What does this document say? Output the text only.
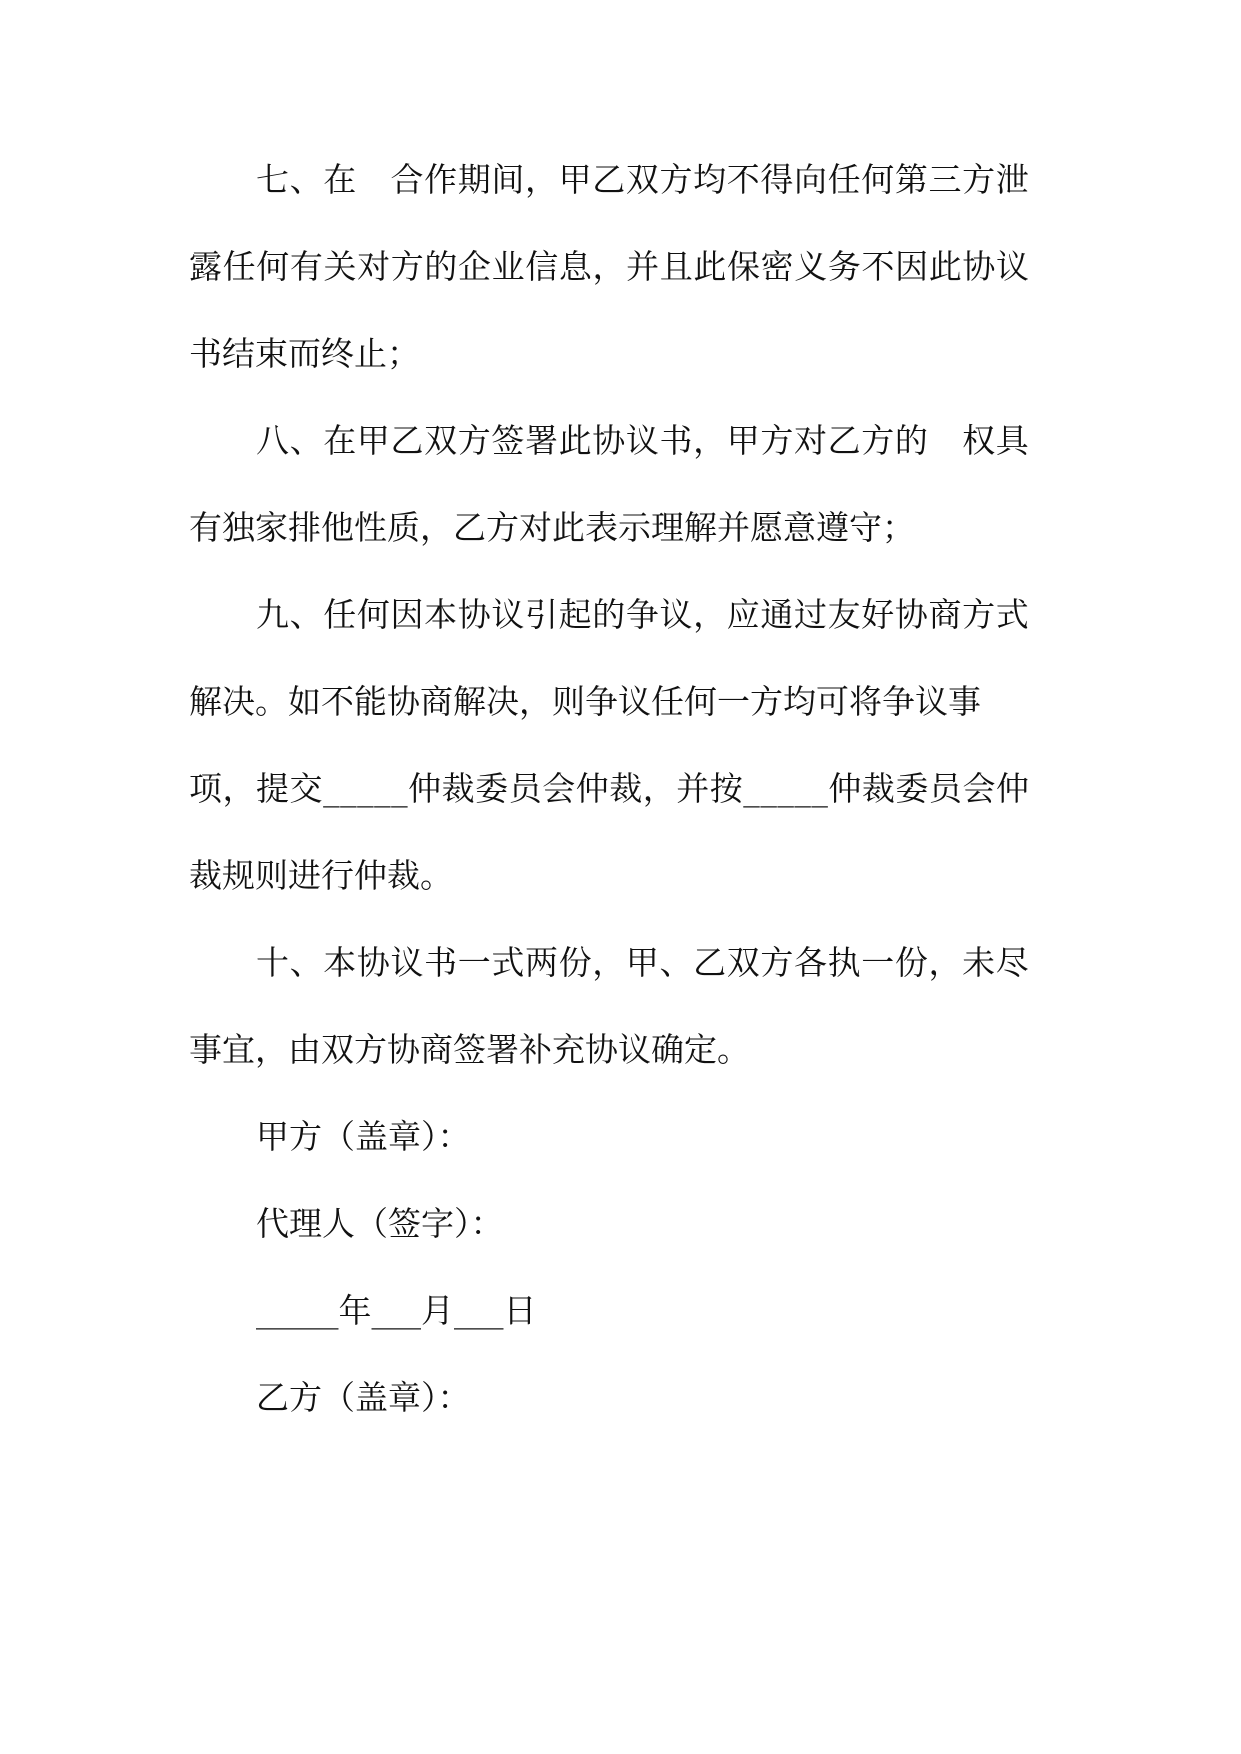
七 、 在
　 合 作 期 间 ， 甲 乙 双 方 均 不 得 向 任 何 第 三 方 泄
露 任 何 有 关 对 方 的 企 业 信 息 ， 并 且 此 保 密 义 务 不 因 此 协 议
书结束而终止；
八 、 在 甲 乙 双 方 签 署 此 协 议 书 ， 甲 方 对 乙 方 的
　 权 具
有独家排他性质，乙方对此表示理解并愿意遵守；
九 、 任 何 因 本 协 议 引 起 的 争 议 ， 应 通 过 友 好 协 商 方 式
解决。如不能协商解决，则争议任何一方均可将争议事
项 ， 提 交 _ _ _ _ _ 仲 裁 委 员 会 仲 裁 ， 并 按 _ _ _ _ _ 仲 裁 委 员 会 仲
裁规则进行仲裁。
十 、 本 协 议 书 一 式 两 份 ， 甲 、 乙 双 方 各 执 一 份 ， 未 尽
事宜，由双方协商签署补充协议确定。
甲方（盖章）：
代理人（签字）：
_____年___月___日
乙方（盖章）：
